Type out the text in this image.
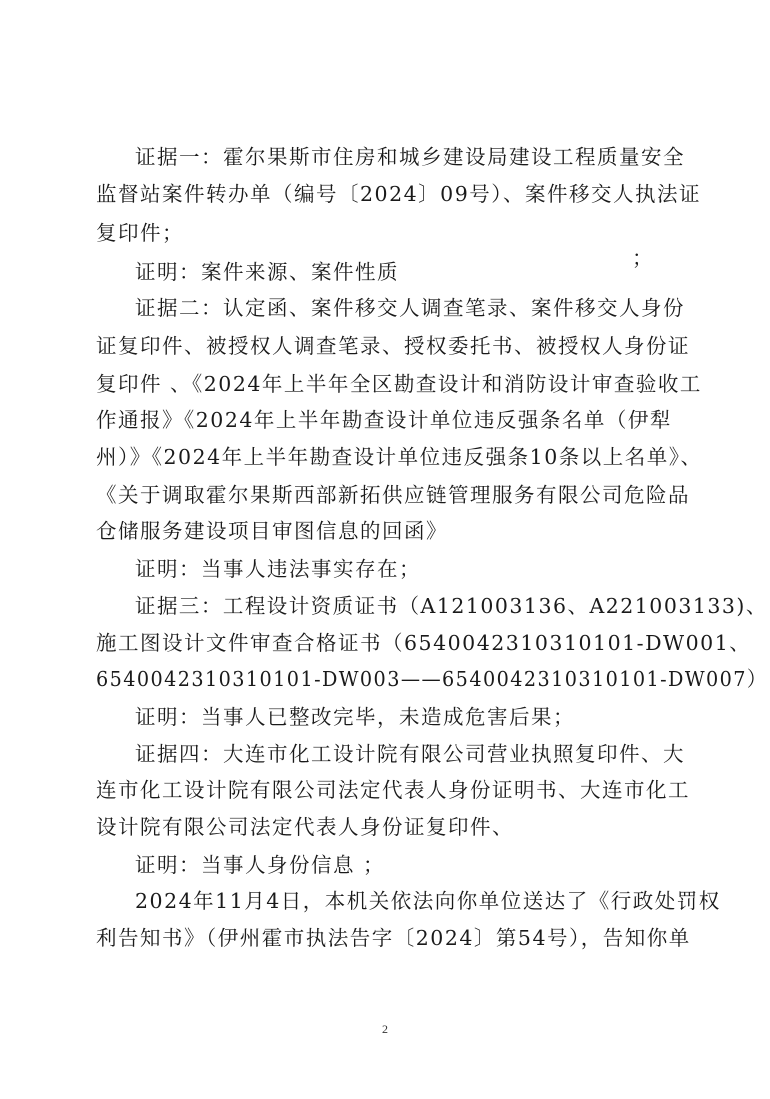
证据一：霍尔果斯市住房和城乡建设局建设工程质量安全
监督站案件转办单（编号〔2024〕09号）、案件移交人执法证
复印件；
证明：案件来源、案件性质
；
证据二：认定函、案件移交人调查笔录、案件移交人身份
证复印件、被授权人调查笔录、授权委托书、被授权人身份证
复印件 、《2024年上半年全区勘查设计和消防设计审查验收工
作通报》《2024年上半年勘查设计单位违反强条名单（伊犁
州）》《2024年上半年勘查设计单位违反强条10条以上名单》、
《关于调取霍尔果斯西部新拓供应链管理服务有限公司危险品
仓储服务建设项目审图信息的回函》
证明：当事人违法事实存在；
证据三：工程设计资质证书（A121003136、A221003133)、
施工图设计文件审查合格证书（6540042310310101-DW001、
6540042310310101-DW003——6540042310310101-DW007）
证明：当事人已整改完毕，未造成危害后果；
证据四：大连市化工设计院有限公司营业执照复印件、大
连市化工设计院有限公司法定代表人身份证明书、大连市化工
设计院有限公司法定代表人身份证复印件、
证明：当事人身份信息 ；
2024年11月4日，本机关依法向你单位送达了《行政处罚权
利告知书》（伊州霍市执法告字〔2024〕第54号），告知你单
2
